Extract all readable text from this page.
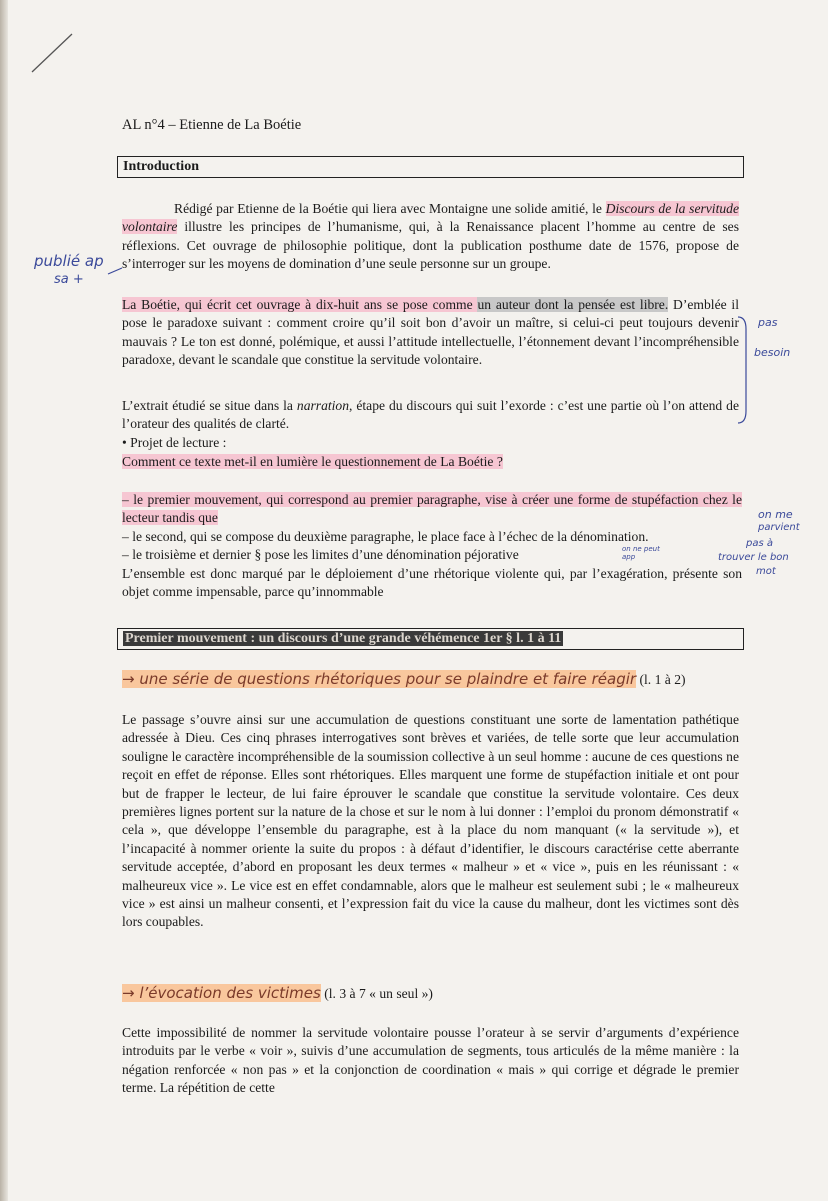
AL n°4 – Etienne de La Boétie
Introduction
Rédigé par Etienne de la Boétie qui liera avec Montaigne une solide amitié, le Discours de la servitude volontaire illustre les principes de l’humanisme, qui, à la Renaissance placent l’homme au centre de ses réflexions. Cet ouvrage de philosophie politique, dont la publication posthume date de 1576, propose de s’interroger sur les moyens de domination d’une seule personne sur un groupe.
La Boétie, qui écrit cet ouvrage à dix-huit ans se pose comme un auteur dont la pensée est libre. D’emblée il pose le paradoxe suivant : comment croire qu’il soit bon d’avoir un maître, si celui-ci peut toujours devenir mauvais ? Le ton est donné, polémique, et aussi l’attitude intellectuelle, l’étonnement devant l’incompréhensible paradoxe, devant le scandale que constitue la servitude volontaire.
L’extrait étudié se situe dans la narration, étape du discours qui suit l’exorde : c’est une partie où l’on attend de l’orateur des qualités de clarté.
• Projet de lecture :
Comment ce texte met-il en lumière le questionnement de La Boétie ?
– le premier mouvement, qui correspond au premier paragraphe, vise à créer une forme de stupéfaction chez le lecteur tandis que
– le second, qui se compose du deuxième paragraphe, le place face à l’échec de la dénomination.
– le troisième et dernier § pose les limites d’une dénomination péjorative
L’ensemble est donc marqué par le déploiement d’une rhétorique violente qui, par l’exagération, présente son objet comme impensable, parce qu’innommable
Premier mouvement : un discours d’une grande véhémence 1er § l. 1 à 11
→ une série de questions rhétoriques pour se plaindre et faire réagir (l. 1 à 2)
Le passage s’ouvre ainsi sur une accumulation de questions constituant une sorte de lamentation pathétique adressée à Dieu. Ces cinq phrases interrogatives sont brèves et variées, de telle sorte que leur accumulation souligne le caractère incompréhensible de la soumission collective à un seul homme : aucune de ces questions ne reçoit en effet de réponse. Elles sont rhétoriques. Elles marquent une forme de stupéfaction initiale et ont pour but de frapper le lecteur, de lui faire éprouver le scandale que constitue la servitude volontaire. Ces deux premières lignes portent sur la nature de la chose et sur le nom à lui donner : l’emploi du pronom démonstratif « cela », que développe l’ensemble du paragraphe, est à la place du nom manquant (« la servitude »), et l’incapacité à nommer oriente la suite du propos : à défaut d’identifier, le discours caractérise cette aberrante servitude acceptée, d’abord en proposant les deux termes « malheur » et « vice », puis en les réunissant : « malheureux vice ». Le vice est en effet condamnable, alors que le malheur est seulement subi ; le « malheureux vice » est ainsi un malheur consenti, et l’expression fait du vice la cause du malheur, dont les victimes sont dès lors coupables.
→ l’évocation des victimes (l. 3 à 7 « un seul »)
Cette impossibilité de nommer la servitude volontaire pousse l’orateur à se servir d’arguments d’expérience introduits par le verbe « voir », suivis d’une accumulation de segments, tous articulés de la même manière : la négation renforcée « non pas » et la conjonction de coordination « mais » qui corrige et dégrade le premier terme. La répétition de cette
publié ap
sa +
pas
besoin
on me
parvient
pas à
trouver le bon
mot
on ne peut
app
